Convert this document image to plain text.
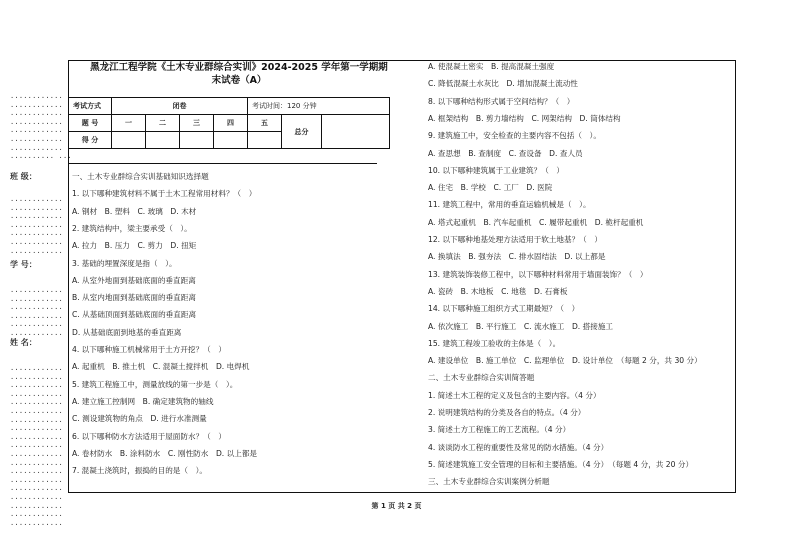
············
············
············
············
············
············
············
·········· ···
班 级：
············
············
············
············
············
············
············
学 号：
············
············
············
············
············
············
姓 名：
············
············
············
············
············
············
············
············
············
············
············
············
············
············
············
············
············
············
············
黑龙江工程学院《土木专业群综合实训》2024-2025 学年第一学期期
末试卷（A）
考试方式	闭卷				考试时间：120 分钟		
题 号	一	二	三	四	五	总分	
得 分							
一、土木专业群综合实训基础知识选择题
1. 以下哪种建筑材料不属于土木工程常用材料？（　）
A. 钢材　B. 塑料　C. 玻璃　D. 木材
2. 建筑结构中，梁主要承受（　）。
A. 拉力　B. 压力　C. 剪力　D. 扭矩
3. 基础的埋置深度是指（　）。
A. 从室外地面到基础底面的垂直距离
B. 从室内地面到基础底面的垂直距离
C. 从基础顶面到基础底面的垂直距离
D. 从基础底面到地基的垂直距离
4. 以下哪种施工机械常用于土方开挖？（　）
A. 起重机　B. 推土机　C. 混凝土搅拌机　D. 电焊机
5. 建筑工程施工中，测量放线的第一步是（　）。
A. 建立施工控制网　B. 确定建筑物的轴线
C. 测设建筑物的角点　D. 进行水准测量
6. 以下哪种防水方法适用于屋面防水？（　）
A. 卷材防水　B. 涂料防水　C. 刚性防水　D. 以上都是
7. 混凝土浇筑时，振捣的目的是（　）。
A. 使混凝土密实　B. 提高混凝土强度
C. 降低混凝土水灰比　D. 增加混凝土流动性
8. 以下哪种结构形式属于空间结构？（　）
A. 框架结构　B. 剪力墙结构　C. 网架结构　D. 筒体结构
9. 建筑施工中，安全检查的主要内容不包括（　）。
A. 查思想　B. 查制度　C. 查设备　D. 查人员
10. 以下哪种建筑属于工业建筑？（　）
A. 住宅　B. 学校　C. 工厂　D. 医院
11. 建筑工程中，常用的垂直运输机械是（　）。
A. 塔式起重机　B. 汽车起重机　C. 履带起重机　D. 桅杆起重机
12. 以下哪种地基处理方法适用于软土地基？（　）
A. 换填法　B. 强夯法　C. 排水固结法　D. 以上都是
13. 建筑装饰装修工程中，以下哪种材料常用于墙面装饰？（　）
A. 瓷砖　B. 木地板　C. 地毯　D. 石膏板
14. 以下哪种施工组织方式工期最短？（　）
A. 依次施工　B. 平行施工　C. 流水施工　D. 搭接施工
15. 建筑工程竣工验收的主体是（　）。
A. 建设单位　B. 施工单位　C. 监理单位　D. 设计单位　（每题 2 分，共 30 分）
二、土木专业群综合实训简答题
1. 简述土木工程的定义及包含的主要内容。（4 分）
2. 说明建筑结构的分类及各自的特点。（4 分）
3. 简述土方工程施工的工艺流程。（4 分）
4. 谈谈防水工程的重要性及常见的防水措施。（4 分）
5. 简述建筑施工安全管理的目标和主要措施。（4 分）　（每题 4 分，共 20 分）
三、土木专业群综合实训案例分析题
第 1 页 共 2 页
